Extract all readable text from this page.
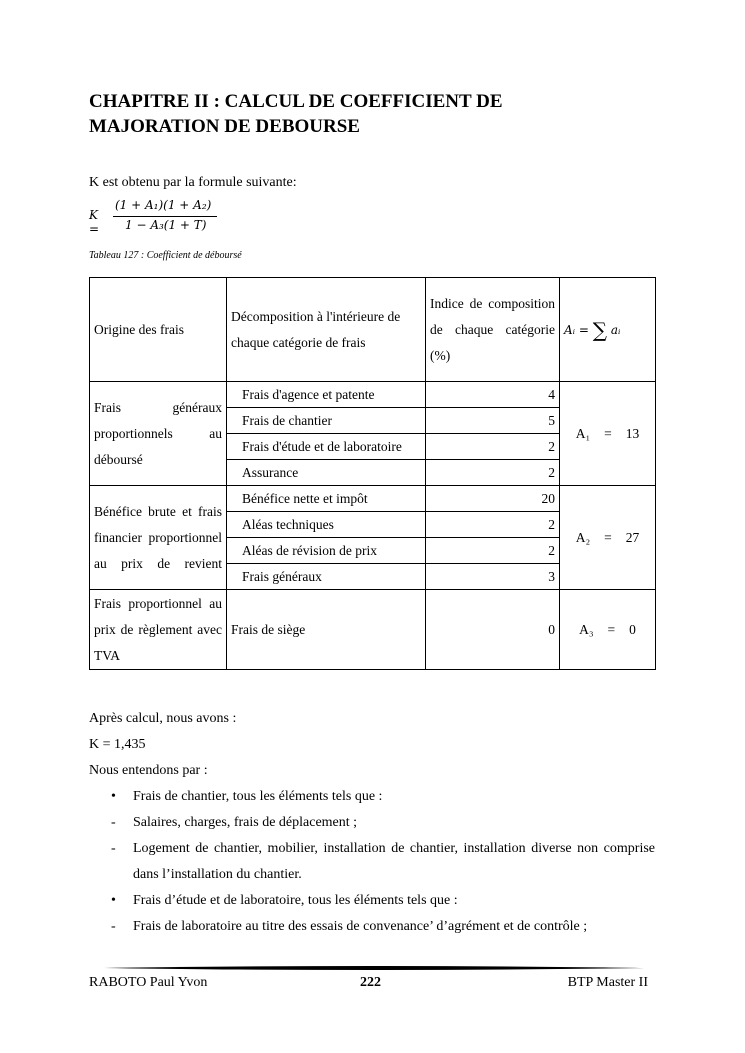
CHAPITRE II : CALCUL DE COEFFICIENT DE
MAJORATION DE DEBOURSE
K est obtenu par la formule suivante:
K =
(1 + A₁)(1 + A₂)
1 − A₃(1 + T)
Tableau 127 : Coefficient de déboursé
Origine des frais	Décomposition à l'intérieure de chaque catégorie de frais	Indice de composition de chaque catégorie (%)	Aᵢ = ∑ aᵢ
Frais généraux proportionnels au déboursé	Frais d'agence et patente	4	A₁ = 13
	Frais de chantier	5	
	Frais d'étude et de laboratoire	2	
	Assurance	2	
Bénéfice brute et frais financier proportionnel au prix de revient	Bénéfice nette et impôt	20	A₂ = 27
	Aléas techniques	2	
	Aléas de révision de prix	2	
	Frais généraux	3	
Frais proportionnel au prix de règlement avec TVA	Frais de siège	0	A₃ = 0

Après calcul, nous avons :

K = 1,435

Nous entendons par :

• Frais de chantier, tous les éléments tels que :
- Salaires, charges, frais de déplacement ;
- Logement de chantier, mobilier, installation de chantier, installation diverse non comprise dans l’installation du chantier.
• Frais d’étude et de laboratoire, tous les éléments tels que :
- Frais de laboratoire au titre des essais de convenance’ d’agrément et de contrôle ;
RABOTO Paul Yvon	222	BTP Master II
